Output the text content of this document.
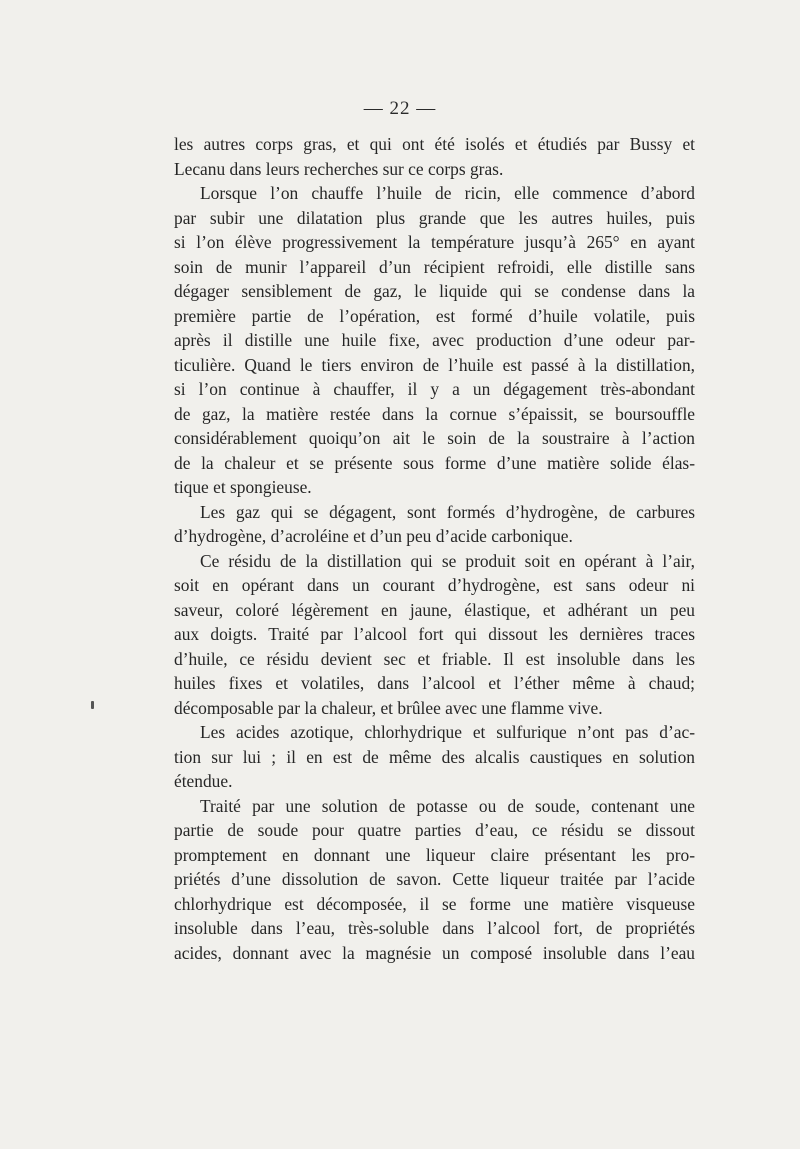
— 22 —
les autres corps gras, et qui ont été isolés et étudiés par Bussy et
Lecanu dans leurs recherches sur ce corps gras.
Lorsque l’on chauffe l’huile de ricin, elle commence d’abord
par subir une dilatation plus grande que les autres huiles, puis
si l’on élève progressivement la température jusqu’à 265° en ayant
soin de munir l’appareil d’un récipient refroidi, elle distille sans
dégager sensiblement de gaz, le liquide qui se condense dans la
première partie de l’opération, est formé d’huile volatile, puis
après il distille une huile fixe, avec production d’une odeur par-
ticulière. Quand le tiers environ de l’huile est passé à la distillation,
si l’on continue à chauffer, il y a un dégagement très-abondant
de gaz, la matière restée dans la cornue s’épaissit, se boursouffle
considérablement quoiqu’on ait le soin de la soustraire à l’action
de la chaleur et se présente sous forme d’une matière solide élas-
tique et spongieuse.
Les gaz qui se dégagent, sont formés d’hydrogène, de carbures
d’hydrogène, d’acroléine et d’un peu d’acide carbonique.
Ce résidu de la distillation qui se produit soit en opérant à l’air,
soit en opérant dans un courant d’hydrogène, est sans odeur ni
saveur, coloré légèrement en jaune, élastique, et adhérant un peu
aux doigts. Traité par l’alcool fort qui dissout les dernières traces
d’huile, ce résidu devient sec et friable. Il est insoluble dans les
huiles fixes et volatiles, dans l’alcool et l’éther même à chaud;
décomposable par la chaleur, et brûlee avec une flamme vive.
Les acides azotique, chlorhydrique et sulfurique n’ont pas d’ac-
tion sur lui ; il en est de même des alcalis caustiques en solution
étendue.
Traité par une solution de potasse ou de soude, contenant une
partie de soude pour quatre parties d’eau, ce résidu se dissout
promptement en donnant une liqueur claire présentant les pro-
priétés d’une dissolution de savon. Cette liqueur traitée par l’acide
chlorhydrique est décomposée, il se forme une matière visqueuse
insoluble dans l’eau, très-soluble dans l’alcool fort, de propriétés
acides, donnant avec la magnésie un composé insoluble dans l’eau
